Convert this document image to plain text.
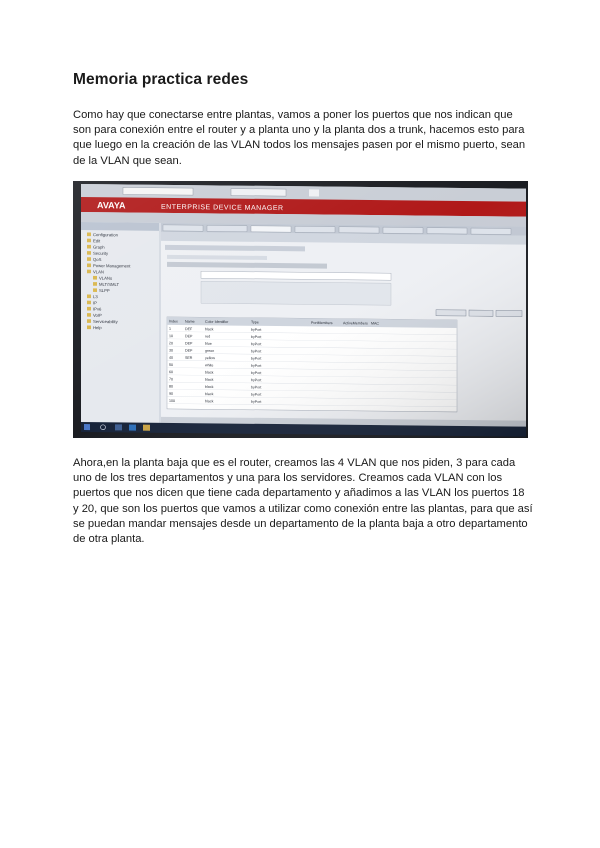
Memoria practica redes
Como hay que conectarse entre plantas, vamos a poner los puertos que nos indican que son para conexión entre el router y a planta uno y la planta dos a trunk, hacemos esto para que luego en la creación de las VLAN todos los mensajes pasen por el mismo puerto, sean de la VLAN que sean.
Ahora,en la planta baja que es el router, creamos las 4 VLAN que nos piden, 3 para cada uno de los tres departamentos y una para los servidores. Creamos cada VLAN con los puertos que nos dicen que tiene cada departamento y añadimos a las VLAN los puertos 18 y 20, que son los puertos que vamos a utilizar como conexión entre las plantas, para que así se puedan mandar mensajes desde un departamento de la planta baja a otro departamento de otra planta.
